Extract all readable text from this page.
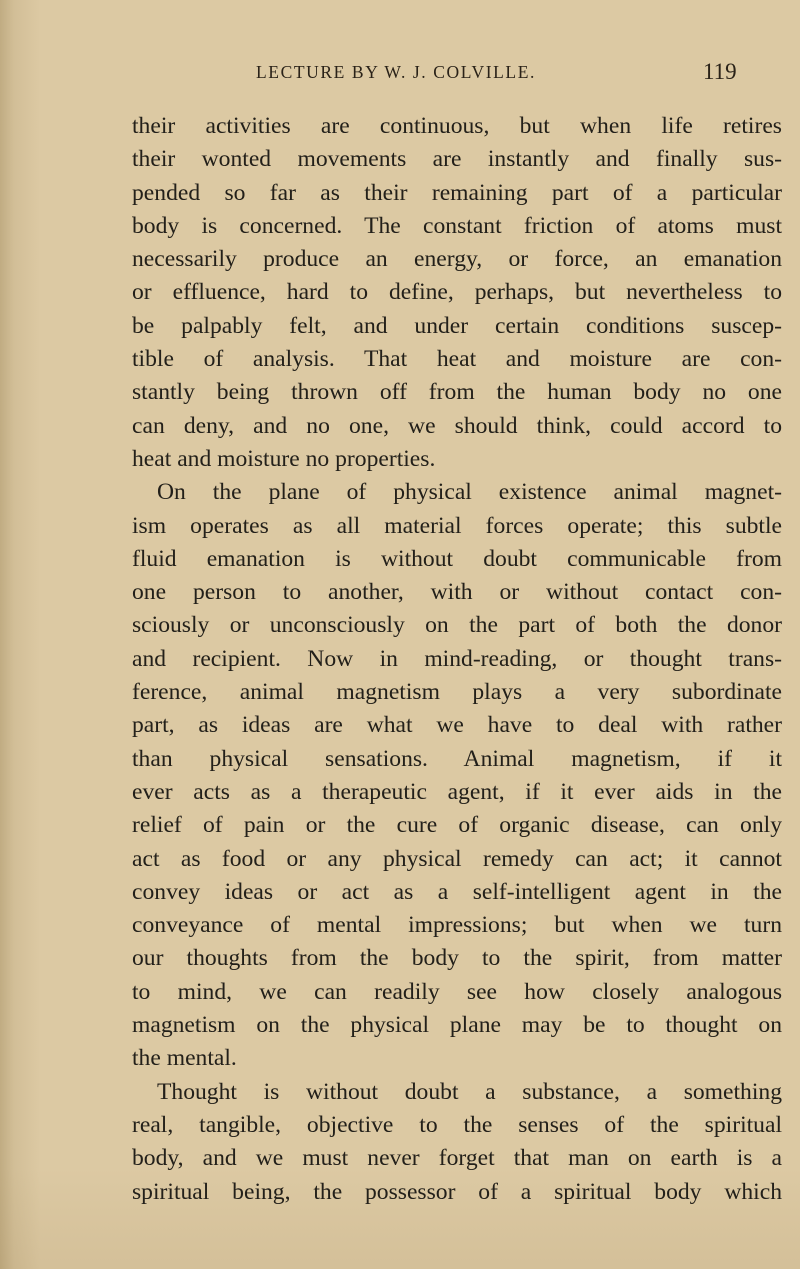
LECTURE BY W. J. COLVILLE.	119
their activities are continuous, but when life retires
their wonted movements are instantly and finally sus-
pended so far as their remaining part of a particular
body is concerned. The constant friction of atoms must
necessarily produce an energy, or force, an emanation
or effluence, hard to define, perhaps, but nevertheless to
be palpably felt, and under certain conditions suscep-
tible of analysis. That heat and moisture are con-
stantly being thrown off from the human body no one
can deny, and no one, we should think, could accord to
heat and moisture no properties.
On the plane of physical existence animal magnet-
ism operates as all material forces operate; this subtle
fluid emanation is without doubt communicable from
one person to another, with or without contact con-
sciously or unconsciously on the part of both the donor
and recipient. Now in mind-reading, or thought trans-
ference, animal magnetism plays a very subordinate
part, as ideas are what we have to deal with rather
than physical sensations. Animal magnetism, if it
ever acts as a therapeutic agent, if it ever aids in the
relief of pain or the cure of organic disease, can only
act as food or any physical remedy can act; it cannot
convey ideas or act as a self-intelligent agent in the
conveyance of mental impressions; but when we turn
our thoughts from the body to the spirit, from matter
to mind, we can readily see how closely analogous
magnetism on the physical plane may be to thought on
the mental.
Thought is without doubt a substance, a something
real, tangible, objective to the senses of the spiritual
body, and we must never forget that man on earth is a
spiritual being, the possessor of a spiritual body which
